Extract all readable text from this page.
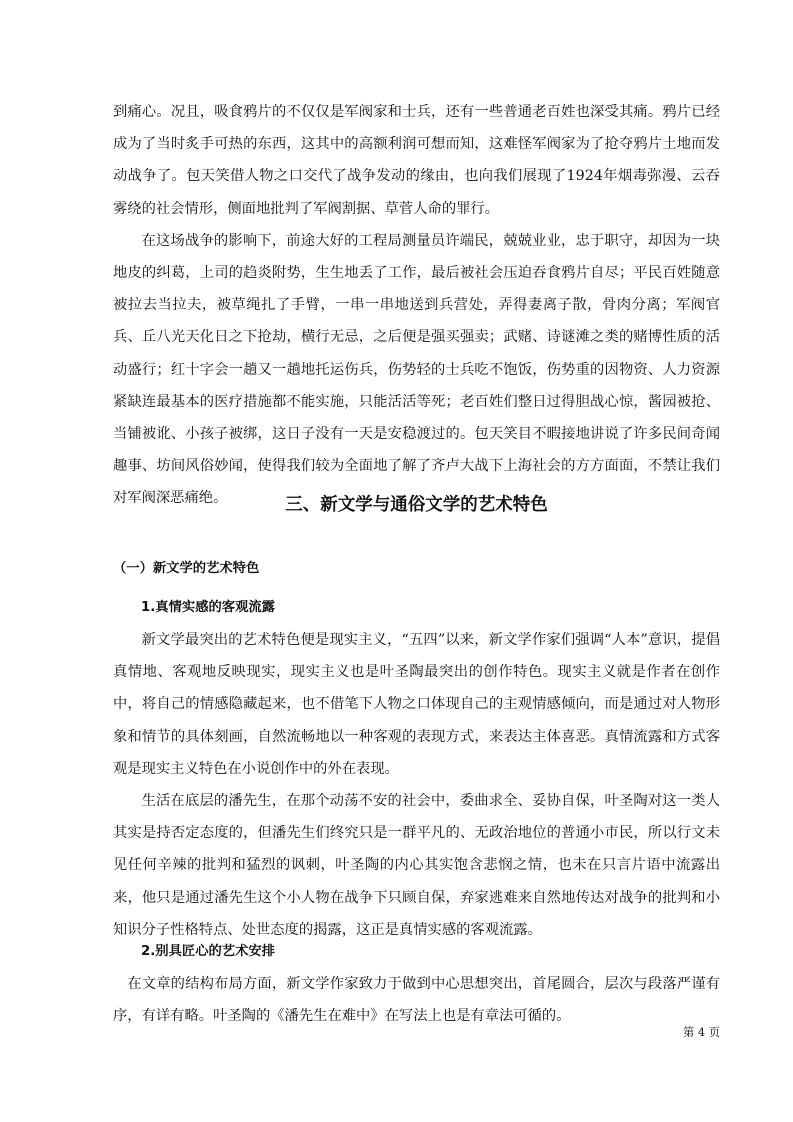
到痛心。况且，吸食鸦片的不仅仅是军阀家和士兵，还有一些普通老百姓也深受其痛。鸦片已经成为了当时炙手可热的东西，这其中的高额利润可想而知，这难怪军阀家为了抢夺鸦片土地而发动战争了。包天笑借人物之口交代了战争发动的缘由，也向我们展现了1924年烟毒弥漫、云吞雾绕的社会情形，侧面地批判了军阀割据、草菅人命的罪行。

在这场战争的影响下，前途大好的工程局测量员许端民，兢兢业业，忠于职守，却因为一块地皮的纠葛，上司的趋炎附势，生生地丢了工作，最后被社会压迫吞食鸦片自尽；平民百姓随意被拉去当拉夫，被草绳扎了手臂，一串一串地送到兵营处，弄得妻离子散，骨肉分离；军阀官兵、丘八光天化日之下抢劫，横行无忌，之后便是强买强卖；武赌、诗谜滩之类的赌博性质的活动盛行；红十字会一趟又一趟地托运伤兵，伤势轻的士兵吃不饱饭，伤势重的因物资、人力资源紧缺连最基本的医疗措施都不能实施，只能活活等死；老百姓们整日过得胆战心惊，酱园被抢、当铺被讹、小孩子被绑，这日子没有一天是安稳渡过的。包天笑目不暇接地讲说了许多民间奇闻趣事、坊间风俗妙闻，使得我们较为全面地了解了齐卢大战下上海社会的方方面面，不禁让我们对军阀深恶痛绝。	三、新文学与通俗文学的艺术特色
（一）新文学的艺术特色
1.真情实感的客观流露

新文学最突出的艺术特色便是现实主义，“五四”以来，新文学作家们强调“人本”意识，提倡真情地、客观地反映现实，现实主义也是叶圣陶最突出的创作特色。现实主义就是作者在创作中，将自己的情感隐藏起来，也不借笔下人物之口体现自己的主观情感倾向，而是通过对人物形象和情节的具体刻画，自然流畅地以一种客观的表现方式，来表达主体喜恶。真情流露和方式客观是现实主义特色在小说创作中的外在表现。

生活在底层的潘先生，在那个动荡不安的社会中，委曲求全、妥协自保，叶圣陶对这一类人其实是持否定态度的，但潘先生们终究只是一群平凡的、无政治地位的普通小市民，所以行文未见任何辛辣的批判和猛烈的讽刺，叶圣陶的内心其实饱含悲悯之情，也未在只言片语中流露出来，他只是通过潘先生这个小人物在战争下只顾自保，弃家逃难来自然地传达对战争的批判和小知识分子性格特点、处世态度的揭露，这正是真情实感的客观流露。

2.别具匠心的艺术安排

在文章的结构布局方面，新文学作家致力于做到中心思想突出，首尾圆合，层次与段落严谨有序，有详有略。叶圣陶的《潘先生在难中》在写法上也是有章法可循的。

第 4 页
